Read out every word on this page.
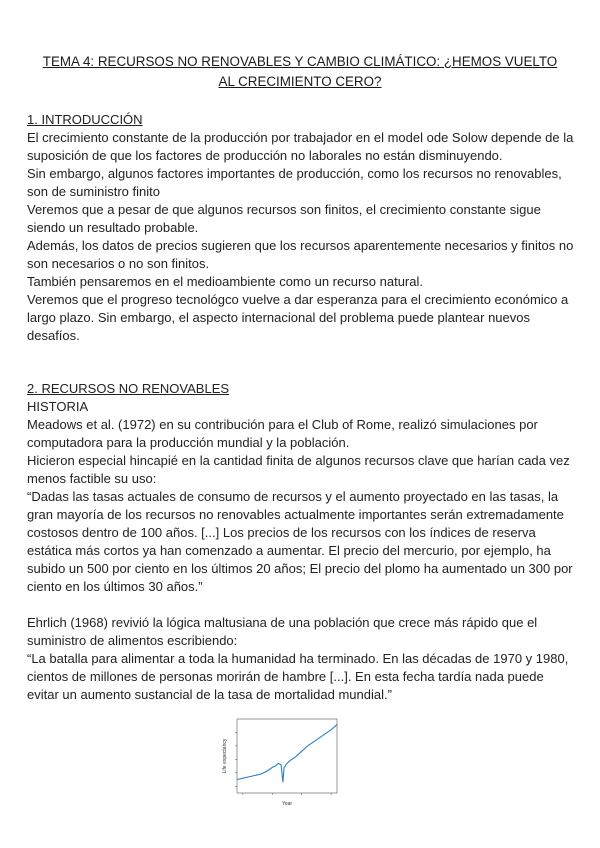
TEMA 4: RECURSOS NO RENOVABLES Y CAMBIO CLIMÁTICO: ¿HEMOS VUELTO
AL CRECIMIENTO CERO?

1. INTRODUCCIÓN

El crecimiento constante de la producción por trabajador en el model ode Solow depende de la suposición de que los factores de producción no laborales no están disminuyendo.

Sin embargo, algunos factores importantes de producción, como los recursos no renovables, son de suministro finito

Veremos que a pesar de que algunos recursos son finitos, el crecimiento constante sigue siendo un resultado probable.

Además, los datos de precios sugieren que los recursos aparentemente necesarios y finitos no son necesarios o no son finitos.

También pensaremos en el medioambiente como un recurso natural.

Veremos que el progreso tecnológco vuelve a dar esperanza para el crecimiento económico a largo plazo. Sin embargo, el aspecto internacional del problema puede plantear nuevos desafíos.

2. RECURSOS NO RENOVABLES

HISTORIA

Meadows et al. (1972) en su contribución para el Club of Rome, realizó simulaciones por computadora para la producción mundial y la población.

Hicieron especial hincapié en la cantidad finita de algunos recursos clave que harían cada vez menos factible su uso:

“Dadas las tasas actuales de consumo de recursos y el aumento proyectado en las tasas, la gran mayoría de los recursos no renovables actualmente importantes serán extremadamente costosos dentro de 100 años. [...] Los precios de los recursos con los índices de reserva estática más cortos ya han comenzado a aumentar. El precio del mercurio, por ejemplo, ha subido un 500 por ciento en los últimos 20 años; El precio del plomo ha aumentado un 300 por ciento en los últimos 30 años.”

Ehrlich (1968) revivió la lógica maltusiana de una población que crece más rápido que el suministro de alimentos escribiendo:

“La batalla para alimentar a toda la humanidad ha terminado. En las décadas de 1970 y 1980, cientos de millones de personas morirán de hambre [...]. En esta fecha tardía nada puede evitar un aumento sustancial de la tasa de mortalidad mundial.”

Year
Life expectancy
